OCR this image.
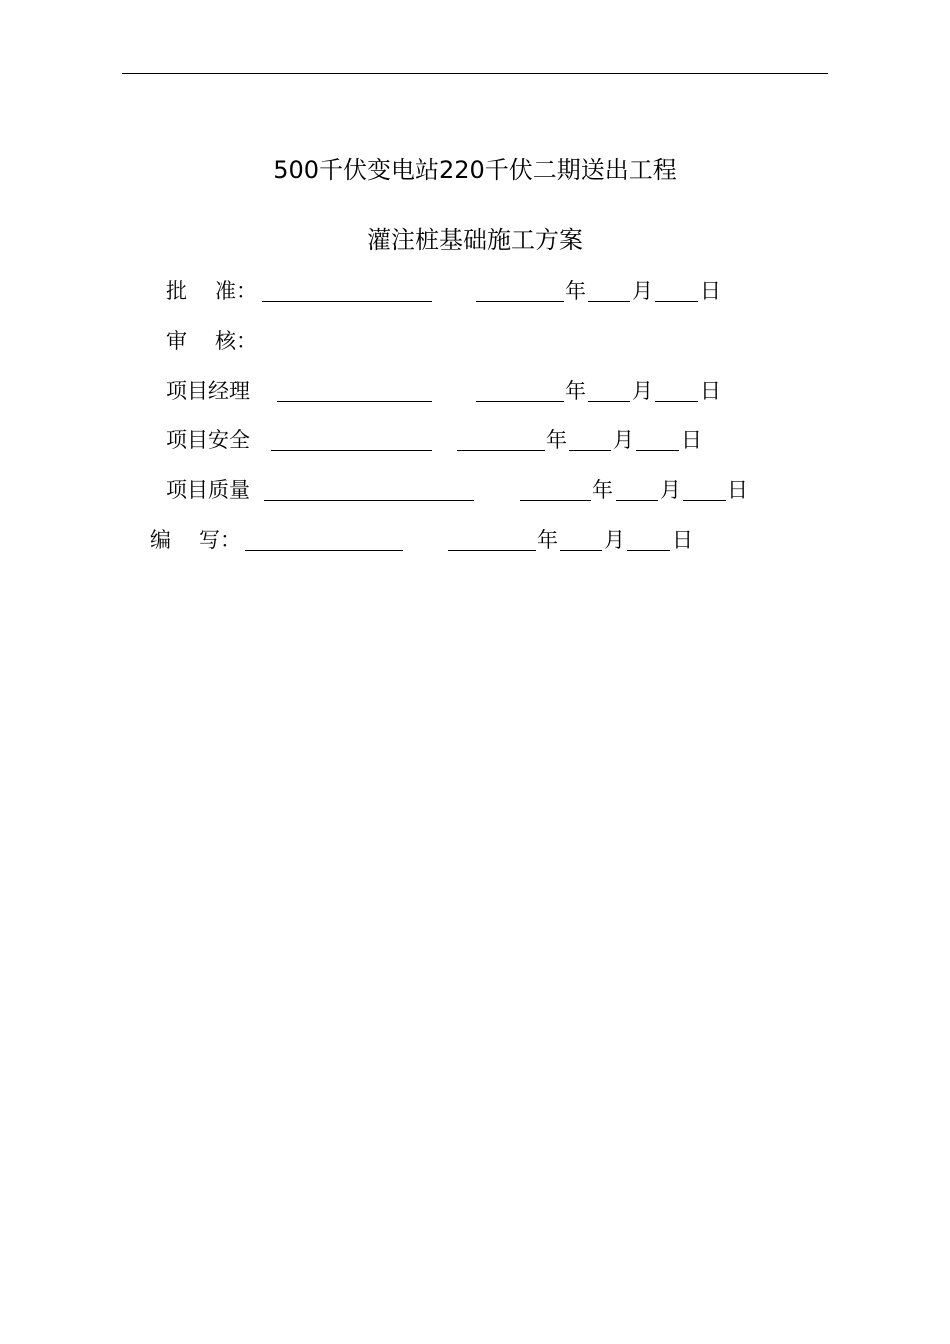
500千伏变电站220千伏二期送出工程
灌注桩基础施工方案
批 准：	年 月 日
审 核：
项目经理	年 月 日
项目安全	年 月 日
项目质量	年 月 日
编 写：	年 月 日
